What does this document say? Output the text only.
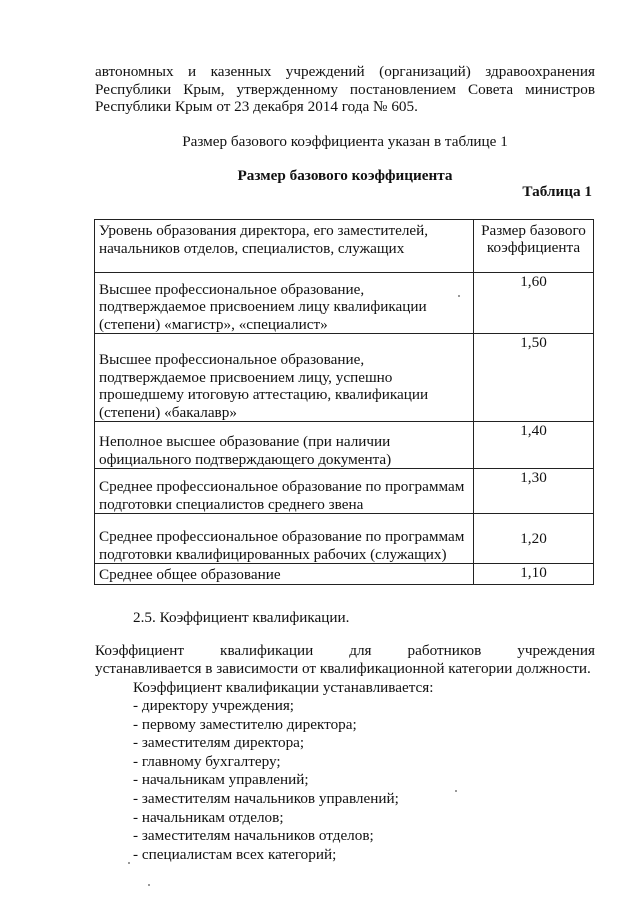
автономных и казенных учреждений (организаций) здравоохранения
Республики Крым, утвержденному постановлением Совета министров
Республики Крым от 23 декабря 2014 года № 605.
Размер базового коэффициента указан в таблице 1
Размер базового коэффициента
Таблица 1
Уровень образования директора, его заместителей, начальников отделов, специалистов, служащих	Размер базового коэффициента
Высшее профессиональное образование, подтверждаемое присвоением лицу квалификации (степени) «магистр», «специалист»	1,60
Высшее профессиональное образование, подтверждаемое присвоением лицу, успешно прошедшему итоговую аттестацию, квалификации (степени) «бакалавр»	1,50
Неполное высшее образование (при наличии официального подтверждающего документа)	1,40
Среднее профессиональное образование по программам подготовки специалистов среднего звена	1,30
Среднее профессиональное образование по программам подготовки квалифицированных рабочих (служащих)	1,20
Среднее общее образование	1,10
2.5. Коэффициент квалификации.
Коэффициент квалификации для работников учреждения
устанавливается в зависимости от квалификационной категории должности.
Коэффициент квалификации устанавливается:
- директору учреждения;
- первому заместителю директора;
- заместителям директора;
- главному бухгалтеру;
- начальникам управлений;
- заместителям начальников управлений;
- начальникам отделов;
- заместителям начальников отделов;
- специалистам всех категорий;
